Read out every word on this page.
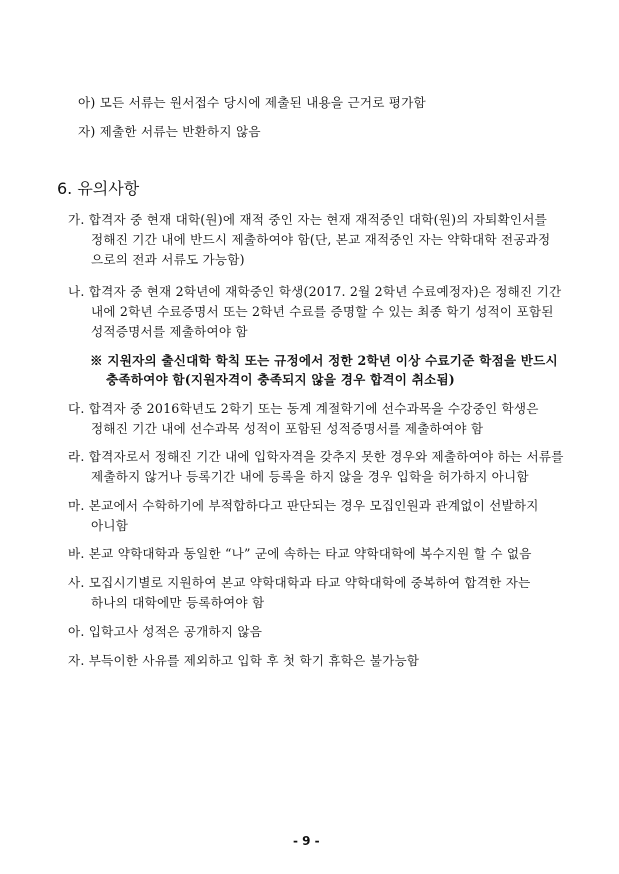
아) 모든 서류는 원서접수 당시에 제출된 내용을 근거로 평가함
자) 제출한 서류는 반환하지 않음
6. 유의사항
가. 합격자 중 현재 대학(원)에 재적 중인 자는 현재 재적중인 대학(원)의 자퇴확인서를
정해진 기간 내에 반드시 제출하여야 함(단, 본교 재적중인 자는 약학대학 전공과정
으로의 전과 서류도 가능함)
나. 합격자 중 현재 2학년에 재학중인 학생(2017. 2월 2학년 수료예정자)은 정해진 기간
내에 2학년 수료증명서 또는 2학년 수료를 증명할 수 있는 최종 학기 성적이 포함된
성적증명서를 제출하여야 함
※ 지원자의 출신대학 학칙 또는 규정에서 정한 2학년 이상 수료기준 학점을 반드시
충족하여야 함(지원자격이 충족되지 않을 경우 합격이 취소됨)
다. 합격자 중 2016학년도 2학기 또는 동계 계절학기에 선수과목을 수강중인 학생은
정해진 기간 내에 선수과목 성적이 포함된 성적증명서를 제출하여야 함
라. 합격자로서 정해진 기간 내에 입학자격을 갖추지 못한 경우와 제출하여야 하는 서류를
제출하지 않거나 등록기간 내에 등록을 하지 않을 경우 입학을 허가하지 아니함
마. 본교에서 수학하기에 부적합하다고 판단되는 경우 모집인원과 관계없이 선발하지
아니함
바. 본교 약학대학과 동일한 “나” 군에 속하는 타교 약학대학에 복수지원 할 수 없음
사. 모집시기별로 지원하여 본교 약학대학과 타교 약학대학에 중복하여 합격한 자는
하나의 대학에만 등록하여야 함
아. 입학고사 성적은 공개하지 않음
자. 부득이한 사유를 제외하고 입학 후 첫 학기 휴학은 불가능함
- 9 -
